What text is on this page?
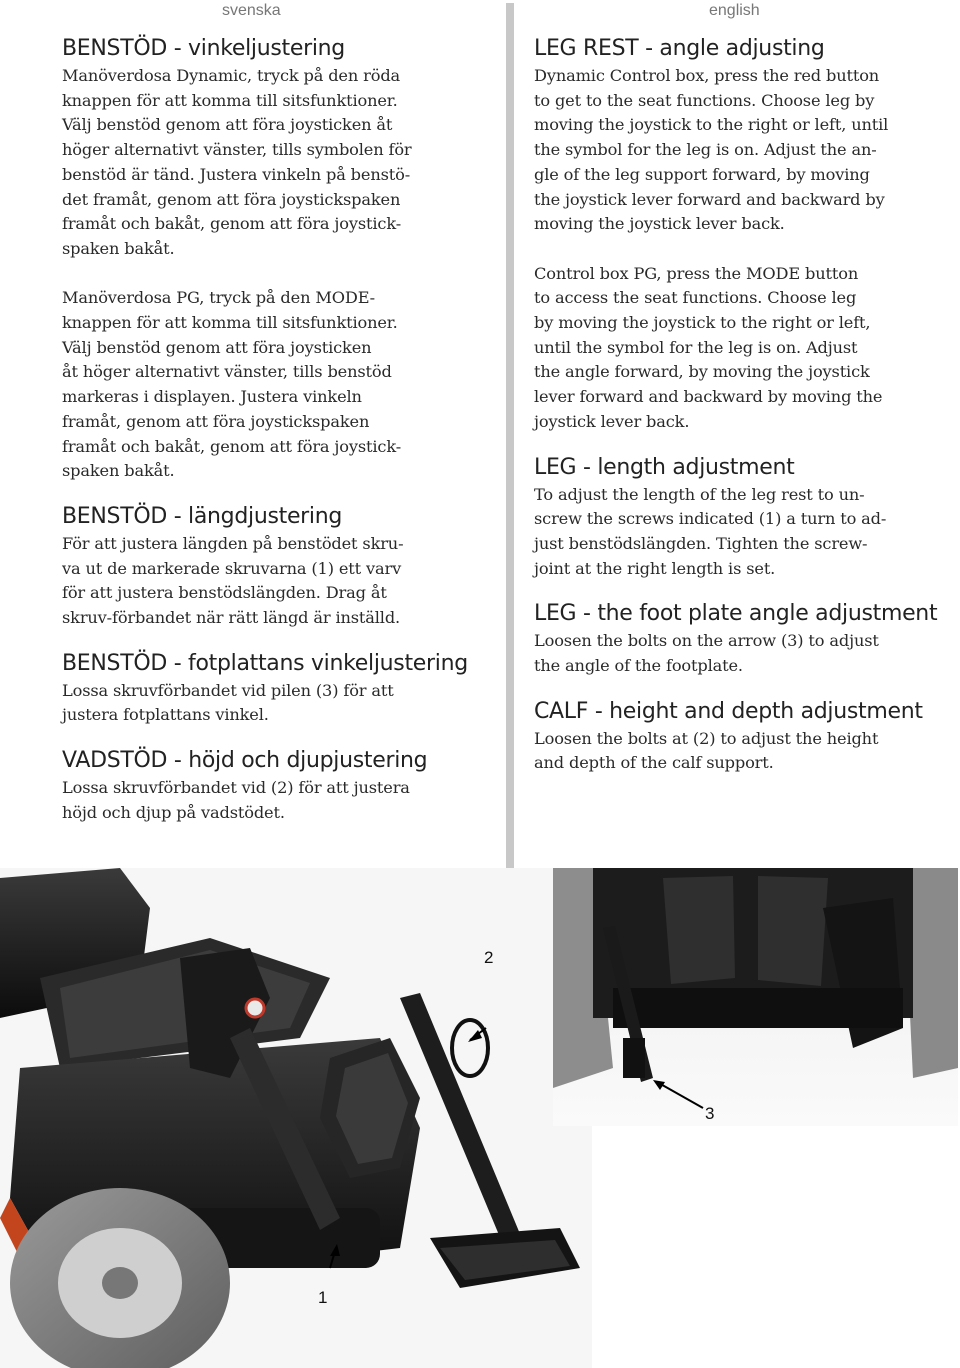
svenska	english
BENSTÖD - vinkeljustering

Manöverdosa Dynamic, tryck på den röda
knappen för att komma till sitsfunktioner.
Välj benstöd genom att föra joysticken åt
höger alternativt vänster, tills symbolen för
benstöd är tänd. Justera vinkeln på benstö-
det framåt, genom att föra joystickspaken
framåt och bakåt, genom att föra joystick-
spaken bakåt.

Manöverdosa PG, tryck på den MODE-
knappen för att komma till sitsfunktioner.
Välj benstöd genom att föra joysticken
åt höger alternativt vänster, tills benstöd
markeras i displayen. Justera vinkeln
framåt, genom att föra joystickspaken
framåt och bakåt, genom att föra joystick-
spaken bakåt.

BENSTÖD - längdjustering

För att justera längden på benstödet skru-
va ut de markerade skruvarna (1) ett varv
för att justera benstödslängden. Drag åt
skruv-förbandet när rätt längd är inställd.

BENSTÖD - fotplattans vinkeljustering

Lossa skruvförbandet vid pilen (3) för att
justera fotplattans vinkel.

VADSTÖD - höjd och djupjustering

Lossa skruvförbandet vid (2) för att justera
höjd och djup på vadstödet.

LEG REST - angle adjusting

Dynamic Control box, press the red button
to get to the seat functions. Choose leg by
moving the joystick to the right or left, until
the symbol for the leg is on. Adjust the an-
gle of the leg support forward, by moving
the joystick lever forward and backward by
moving the joystick lever back.

Control box PG, press the MODE button
to access the seat functions. Choose leg
by moving the joystick to the right or left,
until the symbol for the leg is on. Adjust
the angle forward, by moving the joystick
lever forward and backward by moving the
joystick lever back.

LEG - length adjustment

To adjust the length of the leg rest to un-
screw the screws indicated (1) a turn to ad-
just benstödslängden. Tighten the screw-
joint at the right length is set.

LEG - the foot plate angle adjustment

Loosen the bolts on the arrow (3) to adjust
the angle of the footplate.

CALF - height and depth adjustment

Loosen the bolts at (2) to adjust the height
and depth of the calf support.

2
1
3
